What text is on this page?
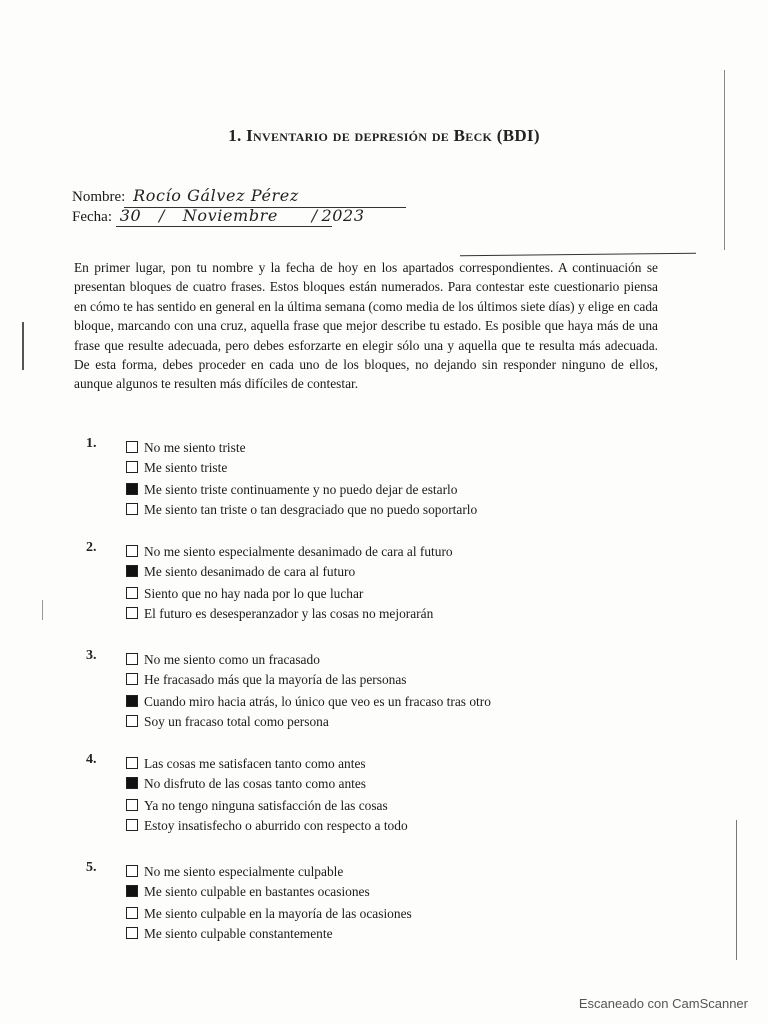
1. Inventario de depresión de Beck (BDI)
Nombre: Rocío Gálvez Pérez
Fecha: 30 / Noviembre / 2023
En primer lugar, pon tu nombre y la fecha de hoy en los apartados correspondientes. A continuación se presentan bloques de cuatro frases. Estos bloques están numerados. Para contestar este cuestionario piensa en cómo te has sentido en general en la última semana (como media de los últimos siete días) y elige en cada bloque, marcando con una cruz, aquella frase que mejor describe tu estado. Es posible que haya más de una frase que resulte adecuada, pero debes esforzarte en elegir sólo una y aquella que te resulta más adecuada. De esta forma, debes proceder en cada uno de los bloques, no dejando sin responder ninguno de ellos, aunque algunos te resulten más difíciles de contestar.
1.	No me siento triste
Me siento triste
Me siento triste continuamente y no puedo dejar de estarlo
Me siento tan triste o tan desgraciado que no puedo soportarlo
2.	No me siento especialmente desanimado de cara al futuro
Me siento desanimado de cara al futuro
Siento que no hay nada por lo que luchar
El futuro es desesperanzador y las cosas no mejorarán
3.	No me siento como un fracasado
He fracasado más que la mayoría de las personas
Cuando miro hacia atrás, lo único que veo es un fracaso tras otro
Soy un fracaso total como persona
4.	Las cosas me satisfacen tanto como antes
No disfruto de las cosas tanto como antes
Ya no tengo ninguna satisfacción de las cosas
Estoy insatisfecho o aburrido con respecto a todo
5.	No me siento especialmente culpable
Me siento culpable en bastantes ocasiones
Me siento culpable en la mayoría de las ocasiones
Me siento culpable constantemente
Escaneado con CamScanner
